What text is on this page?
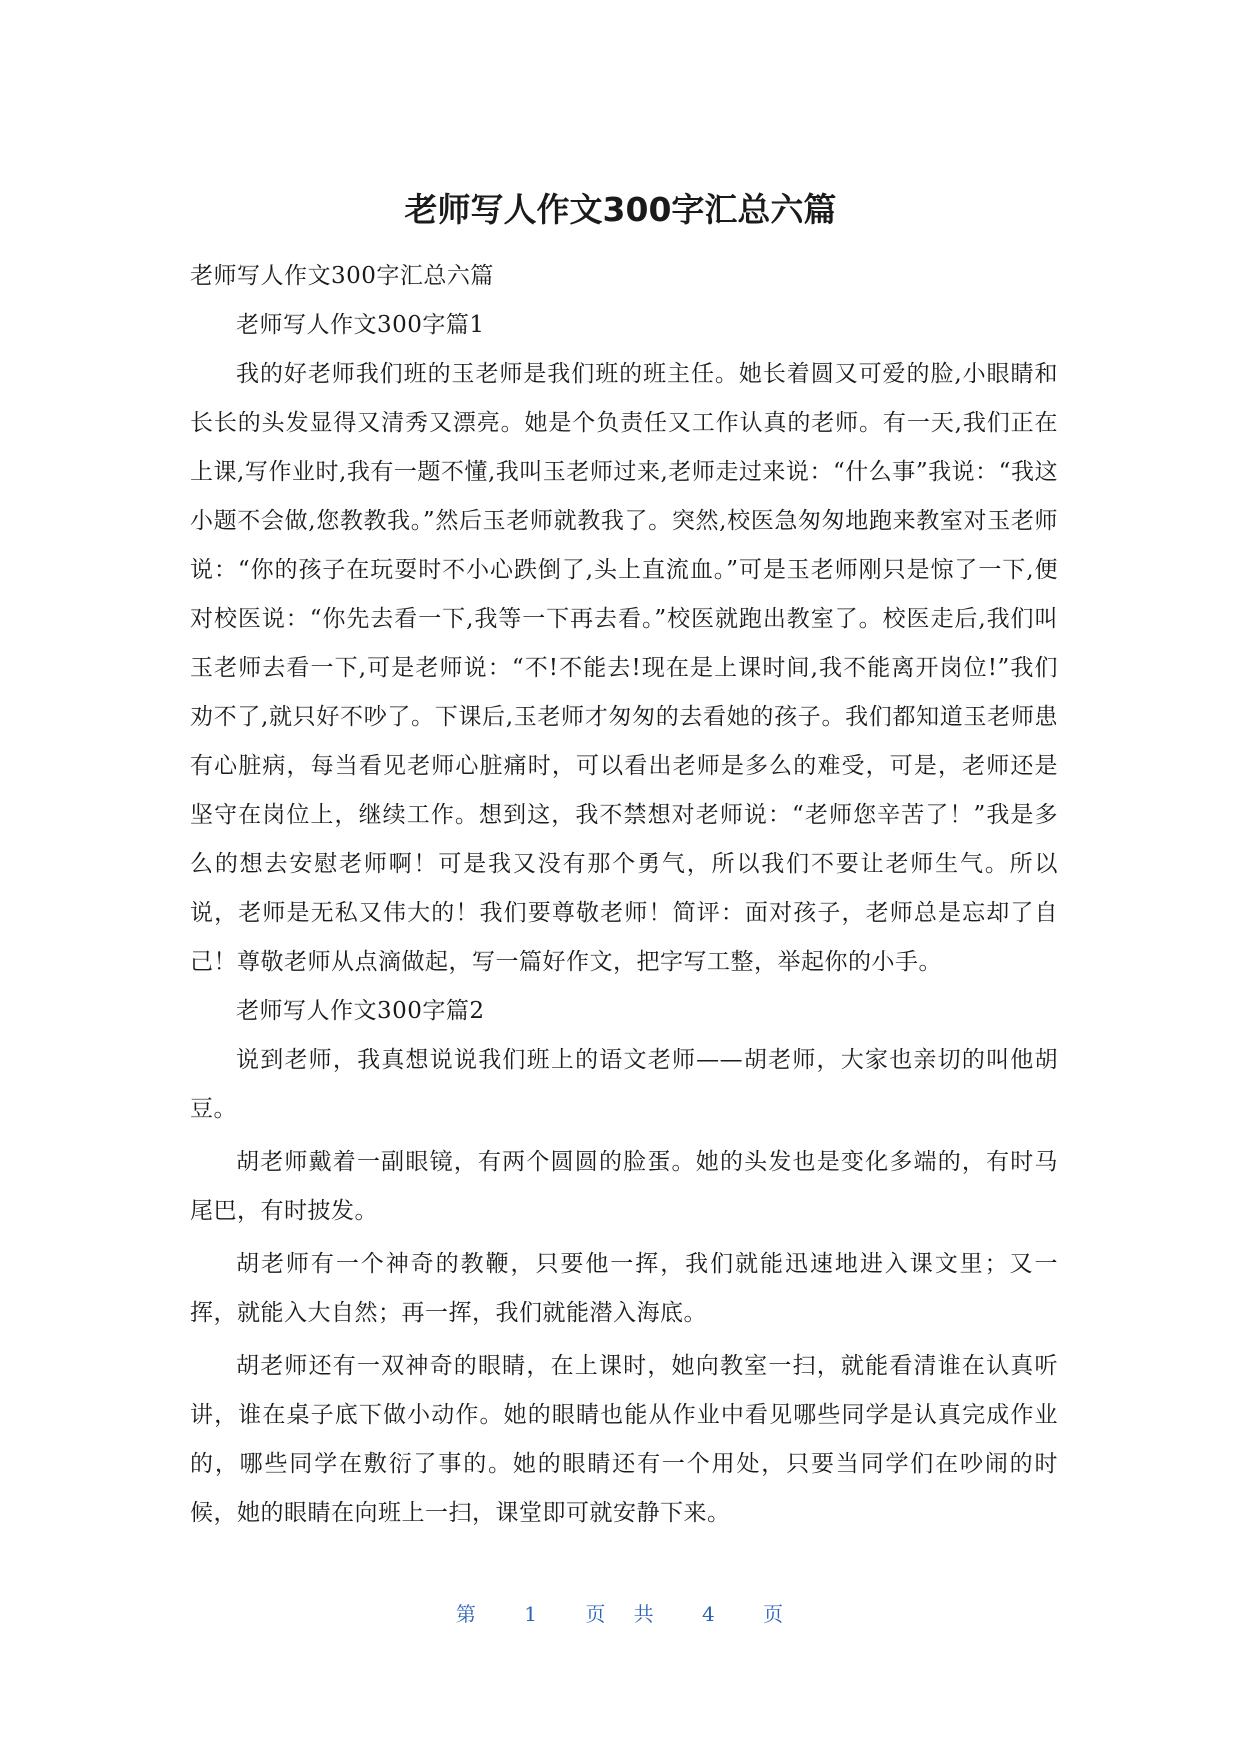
老师写人作文300字汇总六篇

老师写人作文300字汇总六篇

老师写人作文300字篇1

我的好老师我们班的玉老师是我们班的班主任。她长着圆又可爱的脸,小眼睛和长长的头发显得又清秀又漂亮。她是个负责任又工作认真的老师。有一天,我们正在上课,写作业时,我有一题不懂,我叫玉老师过来,老师走过来说：“什么事”我说：“我这小题不会做,您教教我。”然后玉老师就教我了。突然,校医急匆匆地跑来教室对玉老师说：“你的孩子在玩耍时不小心跌倒了,头上直流血。”可是玉老师刚只是惊了一下,便对校医说：“你先去看一下,我等一下再去看。”校医就跑出教室了。校医走后,我们叫玉老师去看一下,可是老师说：“不!不能去!现在是上课时间,我不能离开岗位!”我们劝不了,就只好不吵了。下课后,玉老师才匆匆的去看她的孩子。我们都知道玉老师患有心脏病，每当看见老师心脏痛时，可以看出老师是多么的难受，可是，老师还是坚守在岗位上，继续工作。想到这，我不禁想对老师说：“老师您辛苦了！”我是多么的想去安慰老师啊！可是我又没有那个勇气，所以我们不要让老师生气。所以说，老师是无私又伟大的！我们要尊敬老师！简评：面对孩子，老师总是忘却了自己！尊敬老师从点滴做起，写一篇好作文，把字写工整，举起你的小手。

老师写人作文300字篇2

说到老师，我真想说说我们班上的语文老师——胡老师，大家也亲切的叫他胡豆。

胡老师戴着一副眼镜，有两个圆圆的脸蛋。她的头发也是变化多端的，有时马尾巴，有时披发。

胡老师有一个神奇的教鞭，只要他一挥，我们就能迅速地进入课文里；又一挥，就能入大自然；再一挥，我们就能潜入海底。

胡老师还有一双神奇的眼睛，在上课时，她向教室一扫，就能看清谁在认真听讲，谁在桌子底下做小动作。她的眼睛也能从作业中看见哪些同学是认真完成作业的，哪些同学在敷衍了事的。她的眼睛还有一个用处，只要当同学们在吵闹的时候，她的眼睛在向班上一扫，课堂即可就安静下来。

第 1 页 共 4 页
